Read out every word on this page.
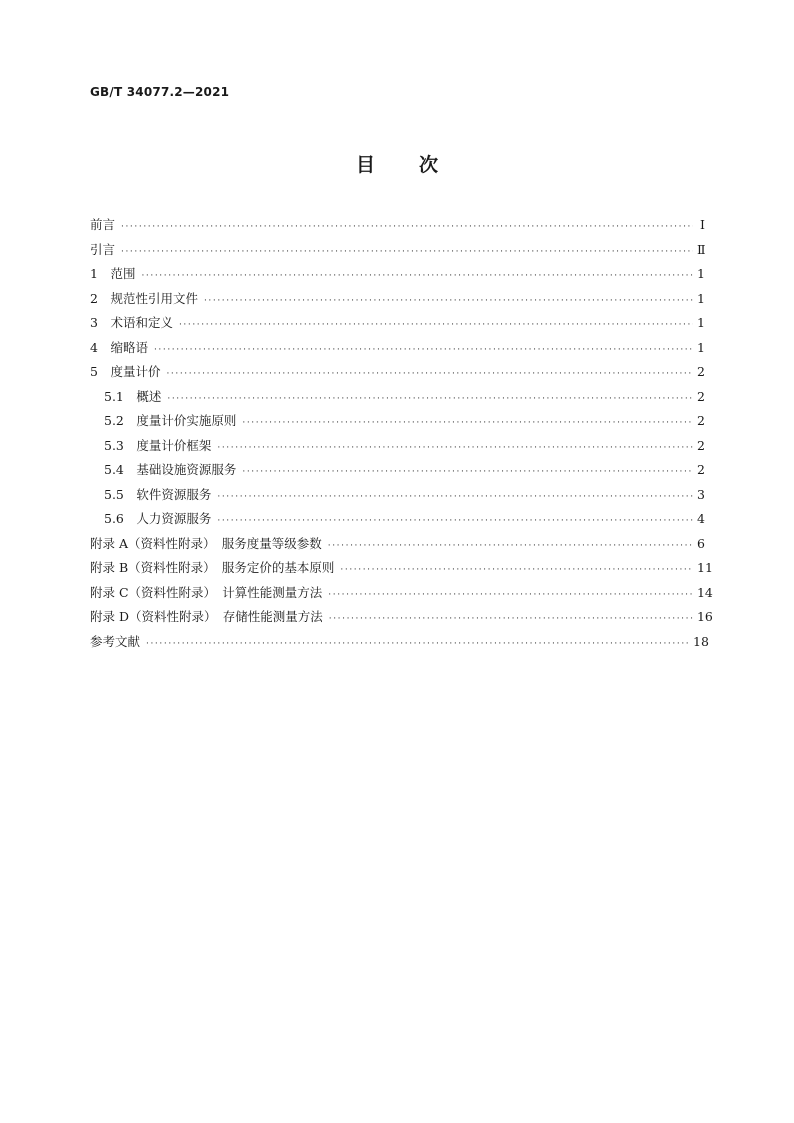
GB/T 34077.2—2021
目 次
前言 ·····	Ⅰ
引言 ·····	Ⅱ
1　范围 ·····	1
2　规范性引用文件 ·····	1
3　术语和定义 ·····	1
4　缩略语 ·····	1
5　度量计价 ·····	2
5.1　概述 ·····	2
5.2　度量计价实施原则 ·····	2
5.3　度量计价框架 ·····	2
5.4　基础设施资源服务 ·····	2
5.5　软件资源服务 ·····	3
5.6　人力资源服务 ·····	4
附录 A（资料性附录）　服务度量等级参数 ·····	6
附录 B（资料性附录）　服务定价的基本原则 ·····	11
附录 C（资料性附录）　计算性能测量方法 ·····	14
附录 D（资料性附录）　存储性能测量方法 ·····	16
参考文献 ·····	18
